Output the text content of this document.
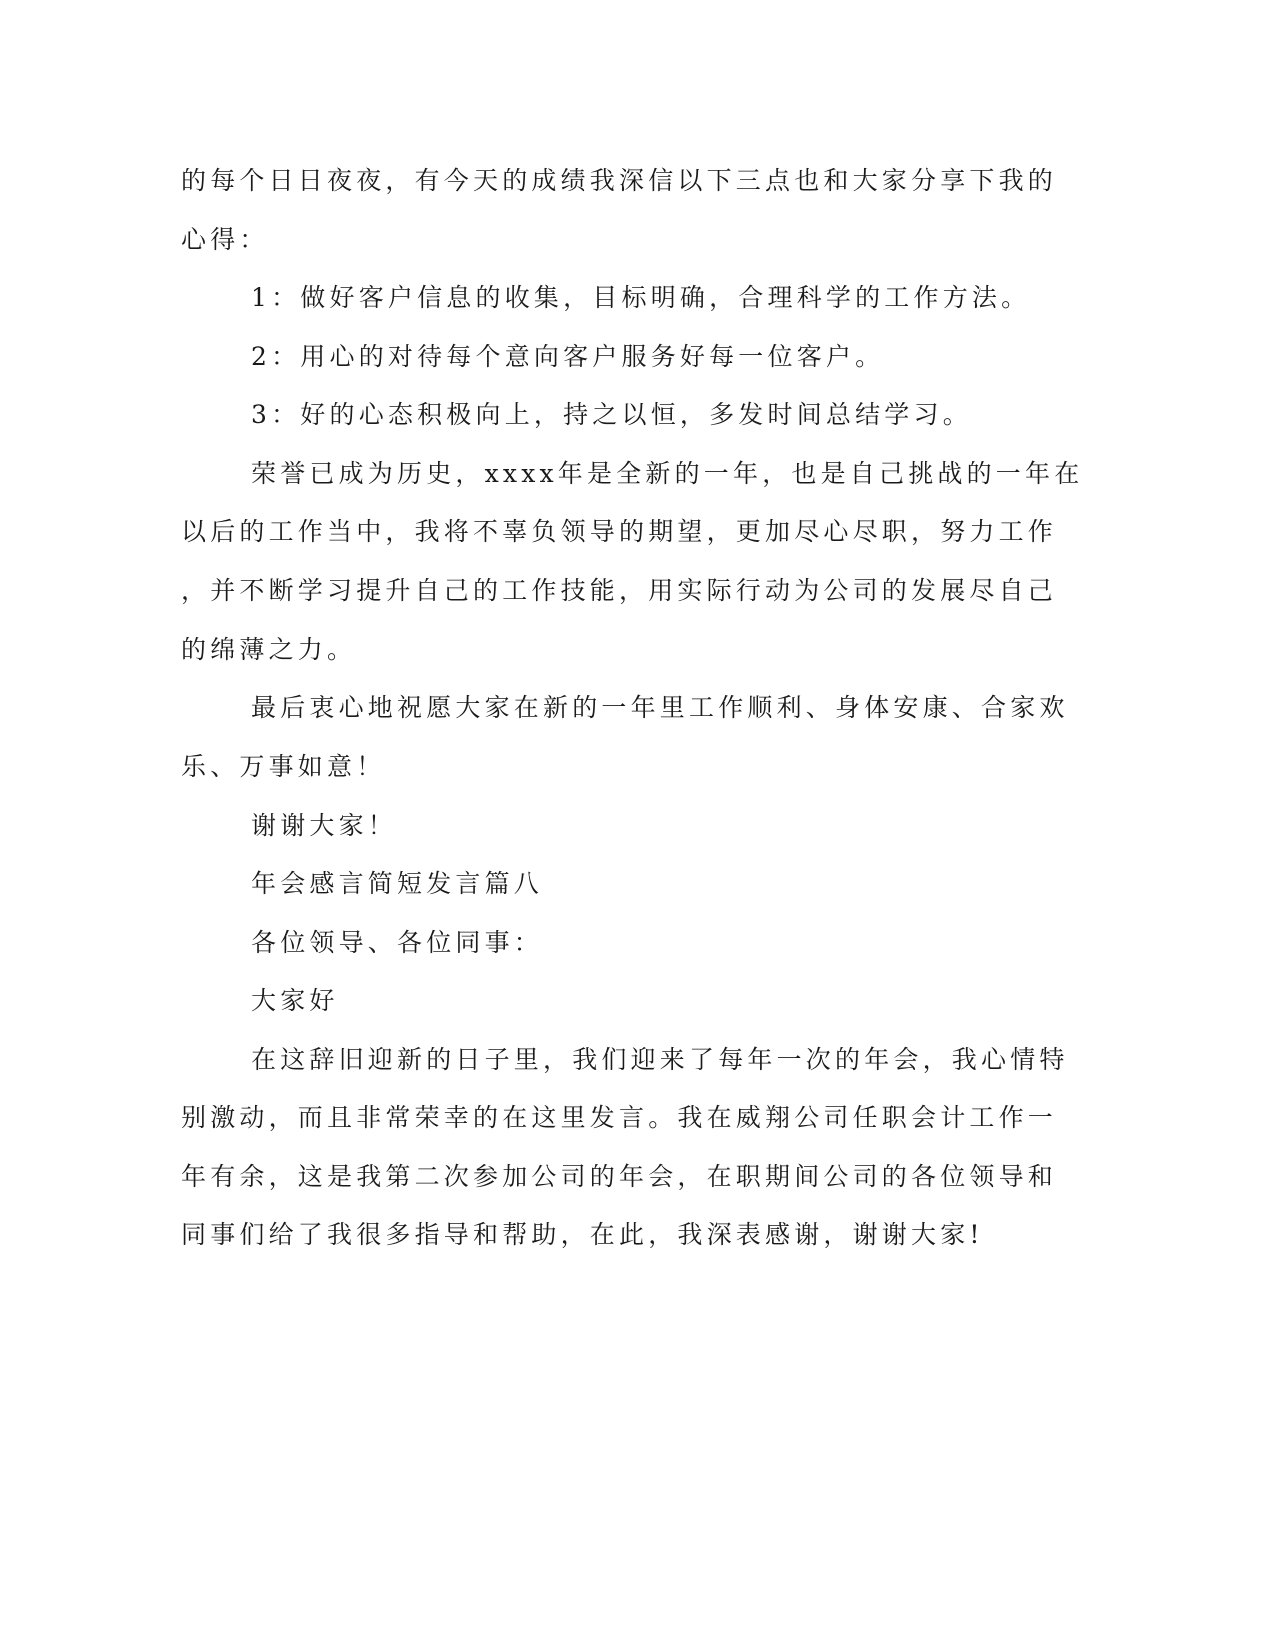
的每个日日夜夜，有今天的成绩我深信以下三点也和大家分享下我的

心得：

1：做好客户信息的收集，目标明确，合理科学的工作方法。

2：用心的对待每个意向客户服务好每一位客户。

3：好的心态积极向上，持之以恒，多发时间总结学习。

荣誉已成为历史，xxxx年是全新的一年，也是自己挑战的一年在

以后的工作当中，我将不辜负领导的期望，更加尽心尽职，努力工作

，并不断学习提升自己的工作技能，用实际行动为公司的发展尽自己

的绵薄之力。

最后衷心地祝愿大家在新的一年里工作顺利、身体安康、合家欢

乐、万事如意！

谢谢大家！

年会感言简短发言篇八

各位领导、各位同事：

大家好

在这辞旧迎新的日子里，我们迎来了每年一次的年会，我心情特

别激动，而且非常荣幸的在这里发言。我在威翔公司任职会计工作一

年有余，这是我第二次参加公司的年会，在职期间公司的各位领导和

同事们给了我很多指导和帮助，在此，我深表感谢，谢谢大家!
